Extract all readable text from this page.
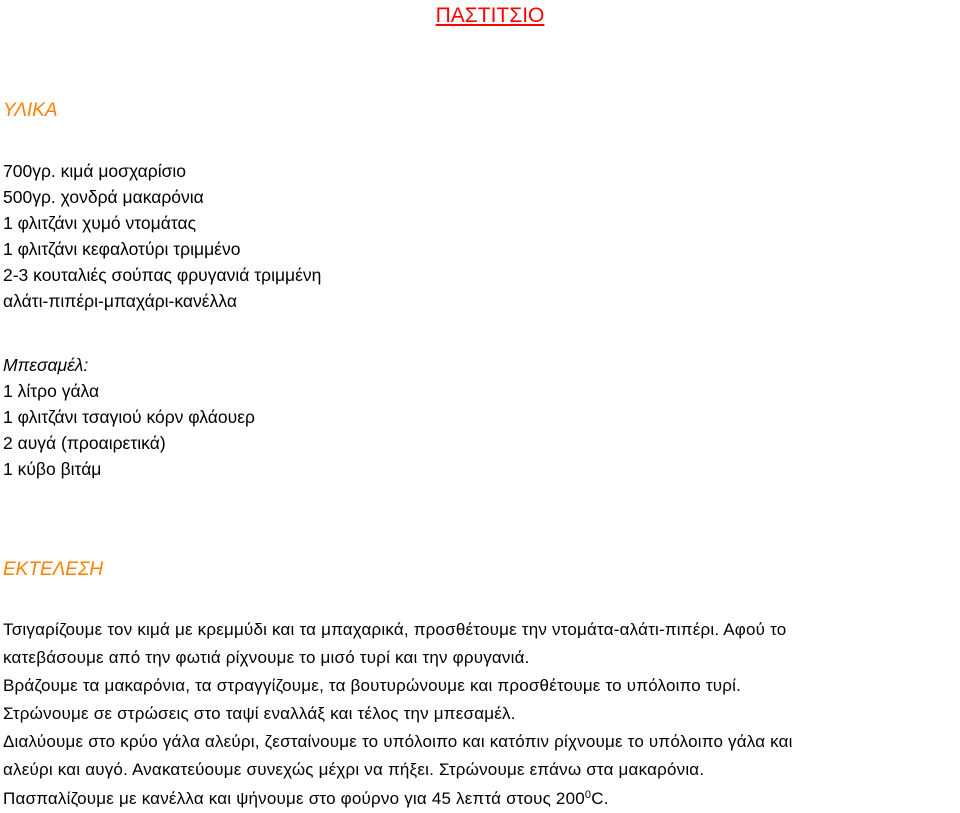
ΠΑΣΤΙΤΣΙΟ
ΥΛΙΚΑ
700γρ. κιμά μοσχαρίσιο
500γρ. χονδρά μακαρόνια
1 φλιτζάνι χυμό ντομάτας
1 φλιτζάνι κεφαλοτύρι τριμμένο
2-3 κουταλιές σούπας φρυγανιά τριμμένη
αλάτι-πιπέρι-μπαχάρι-κανέλλα
Μπεσαμέλ:
1 λίτρο γάλα
1 φλιτζάνι τσαγιού κόρν φλάουερ
2 αυγά (προαιρετικά)
1 κύβο βιτάμ
ΕΚΤΕΛΕΣΗ
Τσιγαρίζουμε τον κιμά με κρεμμύδι και τα μπαχαρικά, προσθέτουμε την ντομάτα-αλάτι-πιπέρι. Αφού το
κατεβάσουμε από την φωτιά ρίχνουμε το μισό τυρί και την φρυγανιά.
Βράζουμε τα μακαρόνια, τα στραγγίζουμε, τα βουτυρώνουμε και προσθέτουμε το υπόλοιπο τυρί.
Στρώνουμε σε στρώσεις στο ταψί εναλλάξ και τέλος την μπεσαμέλ.
Διαλύουμε στο κρύο γάλα αλεύρι, ζεσταίνουμε το υπόλοιπο και κατόπιν ρίχνουμε το υπόλοιπο γάλα και
αλεύρι και αυγό. Ανακατεύουμε συνεχώς μέχρι να πήξει. Στρώνουμε επάνω στα μακαρόνια.
Πασπαλίζουμε με κανέλλα και ψήνουμε στο φούρνο για 45 λεπτά στους $200^0C$.
